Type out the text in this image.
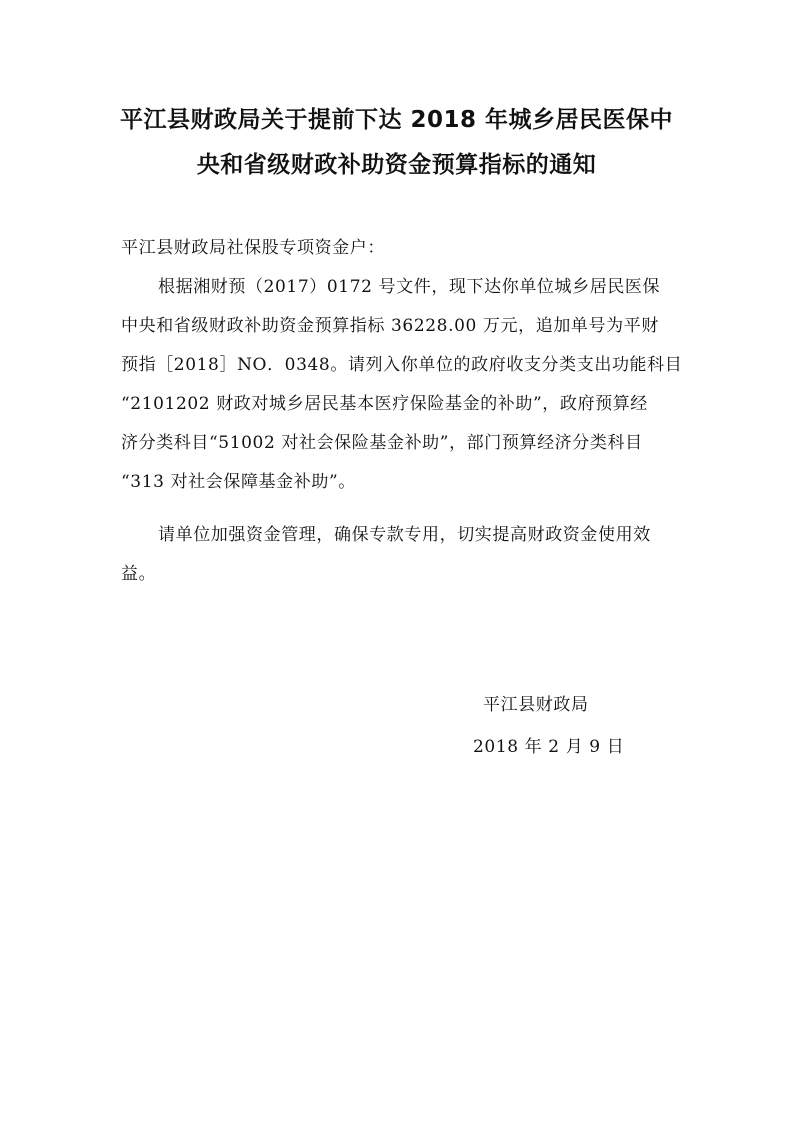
平江县财政局关于提前下达 2018 年城乡居民医保中
央和省级财政补助资金预算指标的通知
平江县财政局社保股专项资金户：
根据湘财预（2017）0172 号文件，现下达你单位城乡居民医保
中央和省级财政补助资金预算指标 36228.00 万元，追加单号为平财
预指［2018］NO．0348。请列入你单位的政府收支分类支出功能科目
“2101202 财政对城乡居民基本医疗保险基金的补助”，政府预算经
济分类科目“51002 对社会保险基金补助”，部门预算经济分类科目
“313 对社会保障基金补助”。
请单位加强资金管理，确保专款专用，切实提高财政资金使用效
益。
平江县财政局
2018 年 2 月 9 日
